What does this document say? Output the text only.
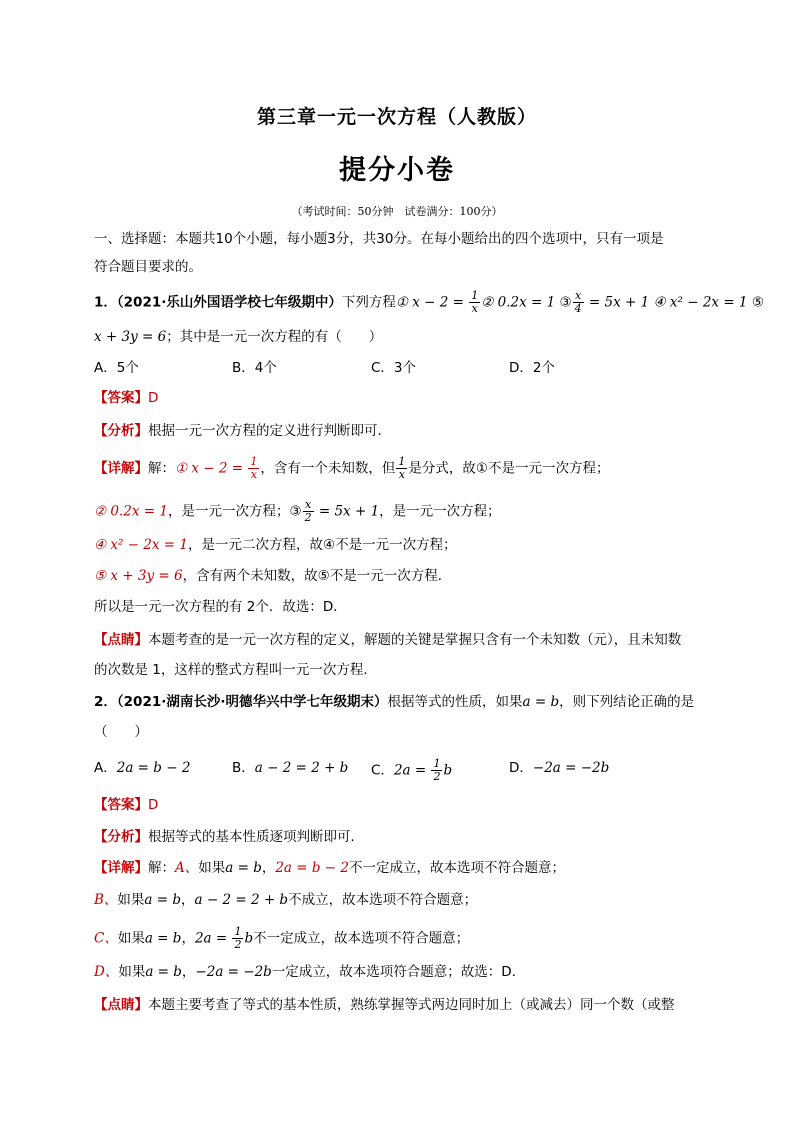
第三章一元一次方程（人教版）
提分小卷
（考试时间：50分钟　试卷满分：100分）
一、选择题：本题共10个小题，每小题3分，共30分。在每小题给出的四个选项中，只有一项是
符合题目要求的。
1．（2021·乐山外国语学校七年级期中）下列方程① $x - 2 = \frac{1}{x}$ ② 0.2x = 1 ③ $\frac{x}{4} = 5x + 1$ ④ x² − 2x = 1 ⑤
x + 3y = 6；其中是一元一次方程的有（　　）
A．5个	B．4个	C．3个	D．2个
【答案】D
【分析】根据一元一次方程的定义进行判断即可．
【详解】解：① $x - 2 = \frac{1}{x}$ ，含有一个未知数，但 $\frac{1}{x}$ 是分式，故①不是一元一次方程；
② 0.2x = 1，是一元一次方程；③ $\frac{x}{2} = 5x + 1$，是一元一次方程；
④ x² − 2x = 1，是一元二次方程，故④不是一元一次方程；
⑤ x + 3y = 6，含有两个未知数，故⑤不是一元一次方程．
所以是一元一次方程的有 2个．故选：D．
【点睛】本题考查的是一元一次方程的定义，解题的关键是掌握只含有一个未知数（元），且未知数
的次数是 1，这样的整式方程叫一元一次方程．
2．（2021·湖南长沙·明德华兴中学七年级期末）根据等式的性质，如果a = b，则下列结论正确的是
（　　）
A．2a = b − 2	B．a − 2 = 2 + b C．$2a = \frac{1}{2}$ b	D．−2a = −2b
【答案】D
【分析】根据等式的基本性质逐项判断即可．
【详解】解：A、如果a = b，2a = b − 2不一定成立，故本选项不符合题意；
B、如果a = b，a − 2 = 2 + b不成立，故本选项不符合题意；
C、如果a = b，$2a = \frac{1}{2}$ b不一定成立，故本选项不符合题意；
D、如果a = b，−2a = −2b一定成立，故本选项符合题意；故选：D．
【点睛】本题主要考查了等式的基本性质，熟练掌握等式两边同时加上（或减去）同一个数（或整
